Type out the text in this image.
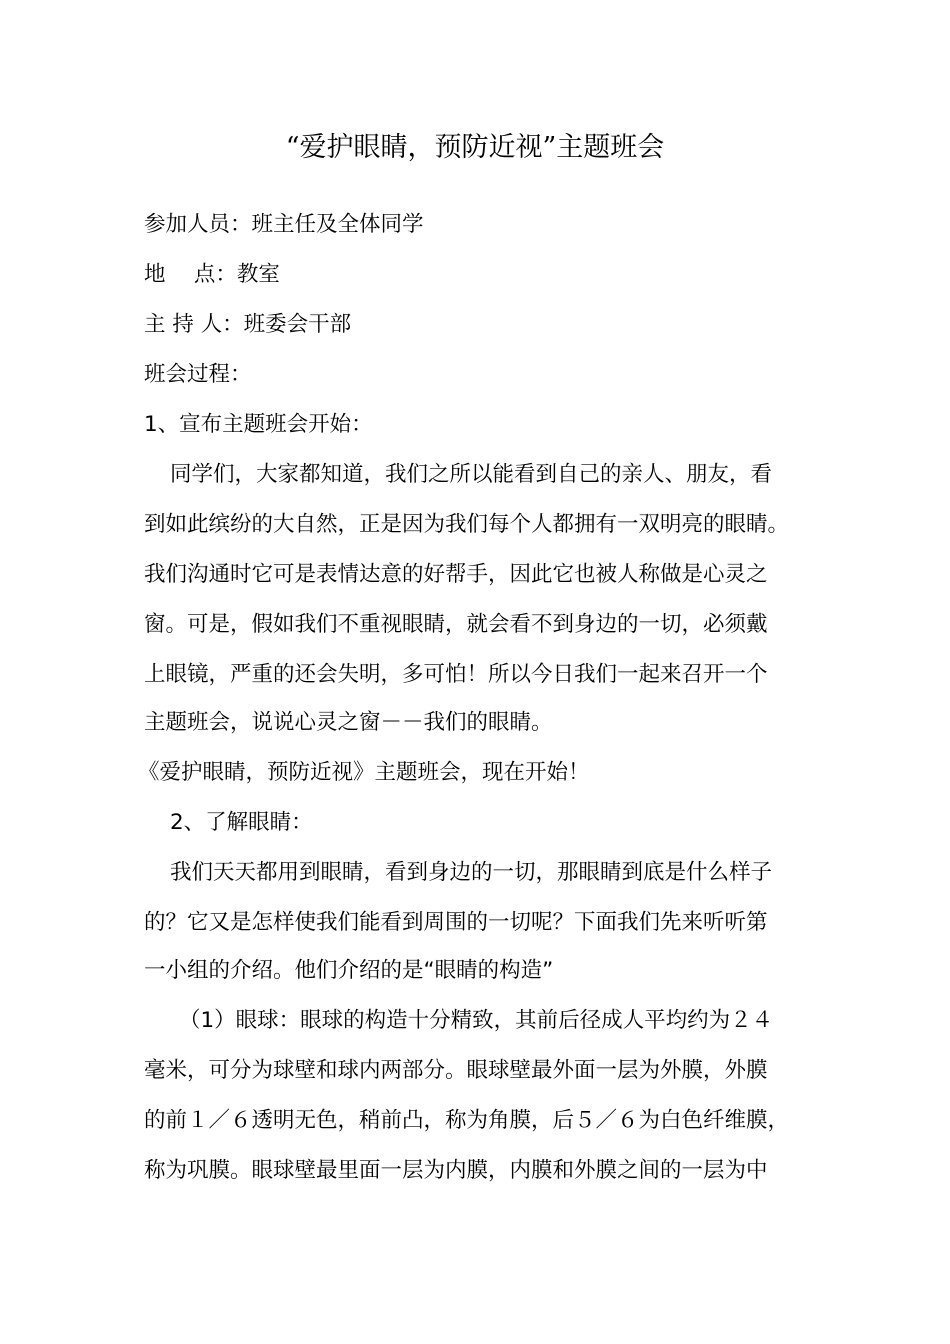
“爱护眼睛，预防近视”主题班会
参加人员：班主任及全体同学
地　 点：教室
主 持 人：班委会干部
班会过程：
1、宣布主题班会开始：
同学们，大家都知道，我们之所以能看到自己的亲人、朋友，看
到如此缤纷的大自然，正是因为我们每个人都拥有一双明亮的眼睛。
我们沟通时它可是表情达意的好帮手，因此它也被人称做是心灵之
窗。可是，假如我们不重视眼睛，就会看不到身边的一切，必须戴
上眼镜，严重的还会失明，多可怕！所以今日我们一起来召开一个
主题班会，说说心灵之窗－－我们的眼睛。
《爱护眼睛，预防近视》主题班会，现在开始！
2、了解眼睛：
我们天天都用到眼睛，看到身边的一切，那眼睛到底是什么样子
的？它又是怎样使我们能看到周围的一切呢？下面我们先来听听第
一小组的介绍。他们介绍的是“眼睛的构造”
（1）眼球：眼球的构造十分精致，其前后径成人平均约为２４
毫米，可分为球壁和球内两部分。眼球壁最外面一层为外膜，外膜
的前１／６透明无色，稍前凸，称为角膜，后５／６为白色纤维膜，
称为巩膜。眼球壁最里面一层为内膜，内膜和外膜之间的一层为中
